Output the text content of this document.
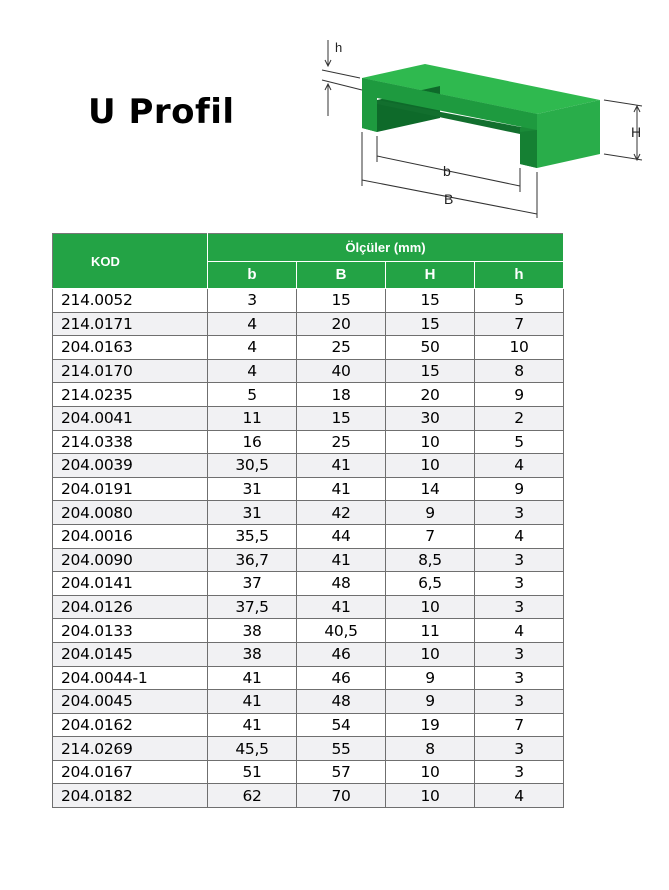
U Profil
h
H
b
B
KOD	Ölçüler (mm)			
	b	B	H	h
214.0052	3	15	15	5
214.0171	4	20	15	7
204.0163	4	25	50	10
214.0170	4	40	15	8
214.0235	5	18	20	9
204.0041	11	15	30	2
214.0338	16	25	10	5
204.0039	30,5	41	10	4
204.0191	31	41	14	9
204.0080	31	42	9	3
204.0016	35,5	44	7	4
204.0090	36,7	41	8,5	3
204.0141	37	48	6,5	3
204.0126	37,5	41	10	3
204.0133	38	40,5	11	4
204.0145	38	46	10	3
204.0044-1	41	46	9	3
204.0045	41	48	9	3
204.0162	41	54	19	7
214.0269	45,5	55	8	3
204.0167	51	57	10	3
204.0182	62	70	10	4
